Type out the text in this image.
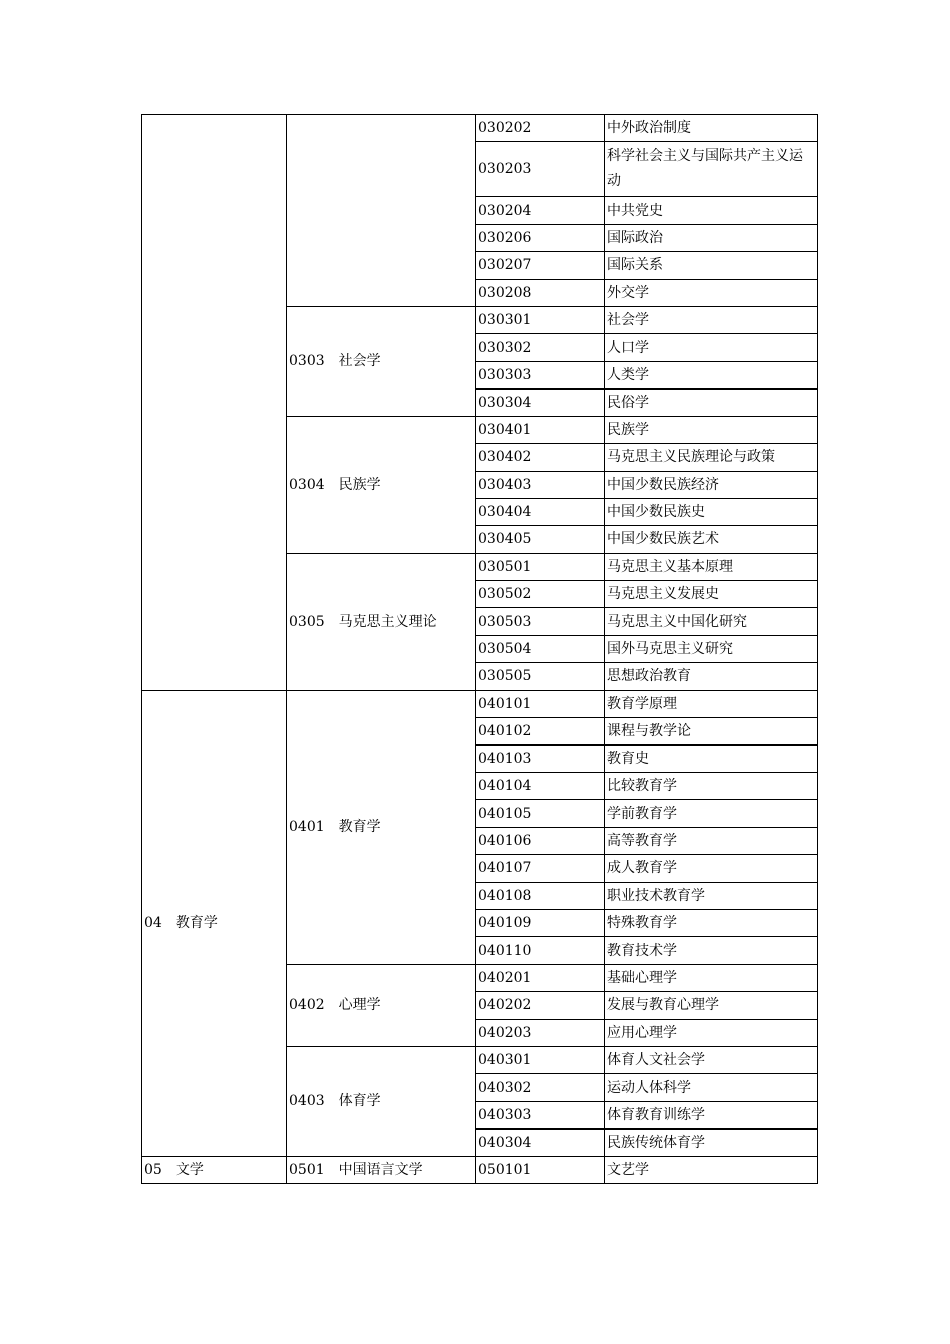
		030202	中外政治制度
		030203	科学社会主义与国际共产主义运动
		030204	中共党史
		030206	国际政治
		030207	国际关系
		030208	外交学
	0303 社会学	030301	社会学
		030302	人口学
		030303	人类学
		030304	民俗学
	0304 民族学	030401	民族学
		030402	马克思主义民族理论与政策
		030403	中国少数民族经济
		030404	中国少数民族史
		030405	中国少数民族艺术
	0305 马克思主义理论	030501	马克思主义基本原理
		030502	马克思主义发展史
		030503	马克思主义中国化研究
		030504	国外马克思主义研究
		030505	思想政治教育
04 教育学	0401 教育学	040101	教育学原理
		040102	课程与教学论
		040103	教育史
		040104	比较教育学
		040105	学前教育学
		040106	高等教育学
		040107	成人教育学
		040108	职业技术教育学
		040109	特殊教育学
		040110	教育技术学
	0402 心理学	040201	基础心理学
		040202	发展与教育心理学
		040203	应用心理学
	0403 体育学	040301	体育人文社会学
		040302	运动人体科学
		040303	体育教育训练学
		040304	民族传统体育学
05 文学	0501 中国语言文学	050101	文艺学
